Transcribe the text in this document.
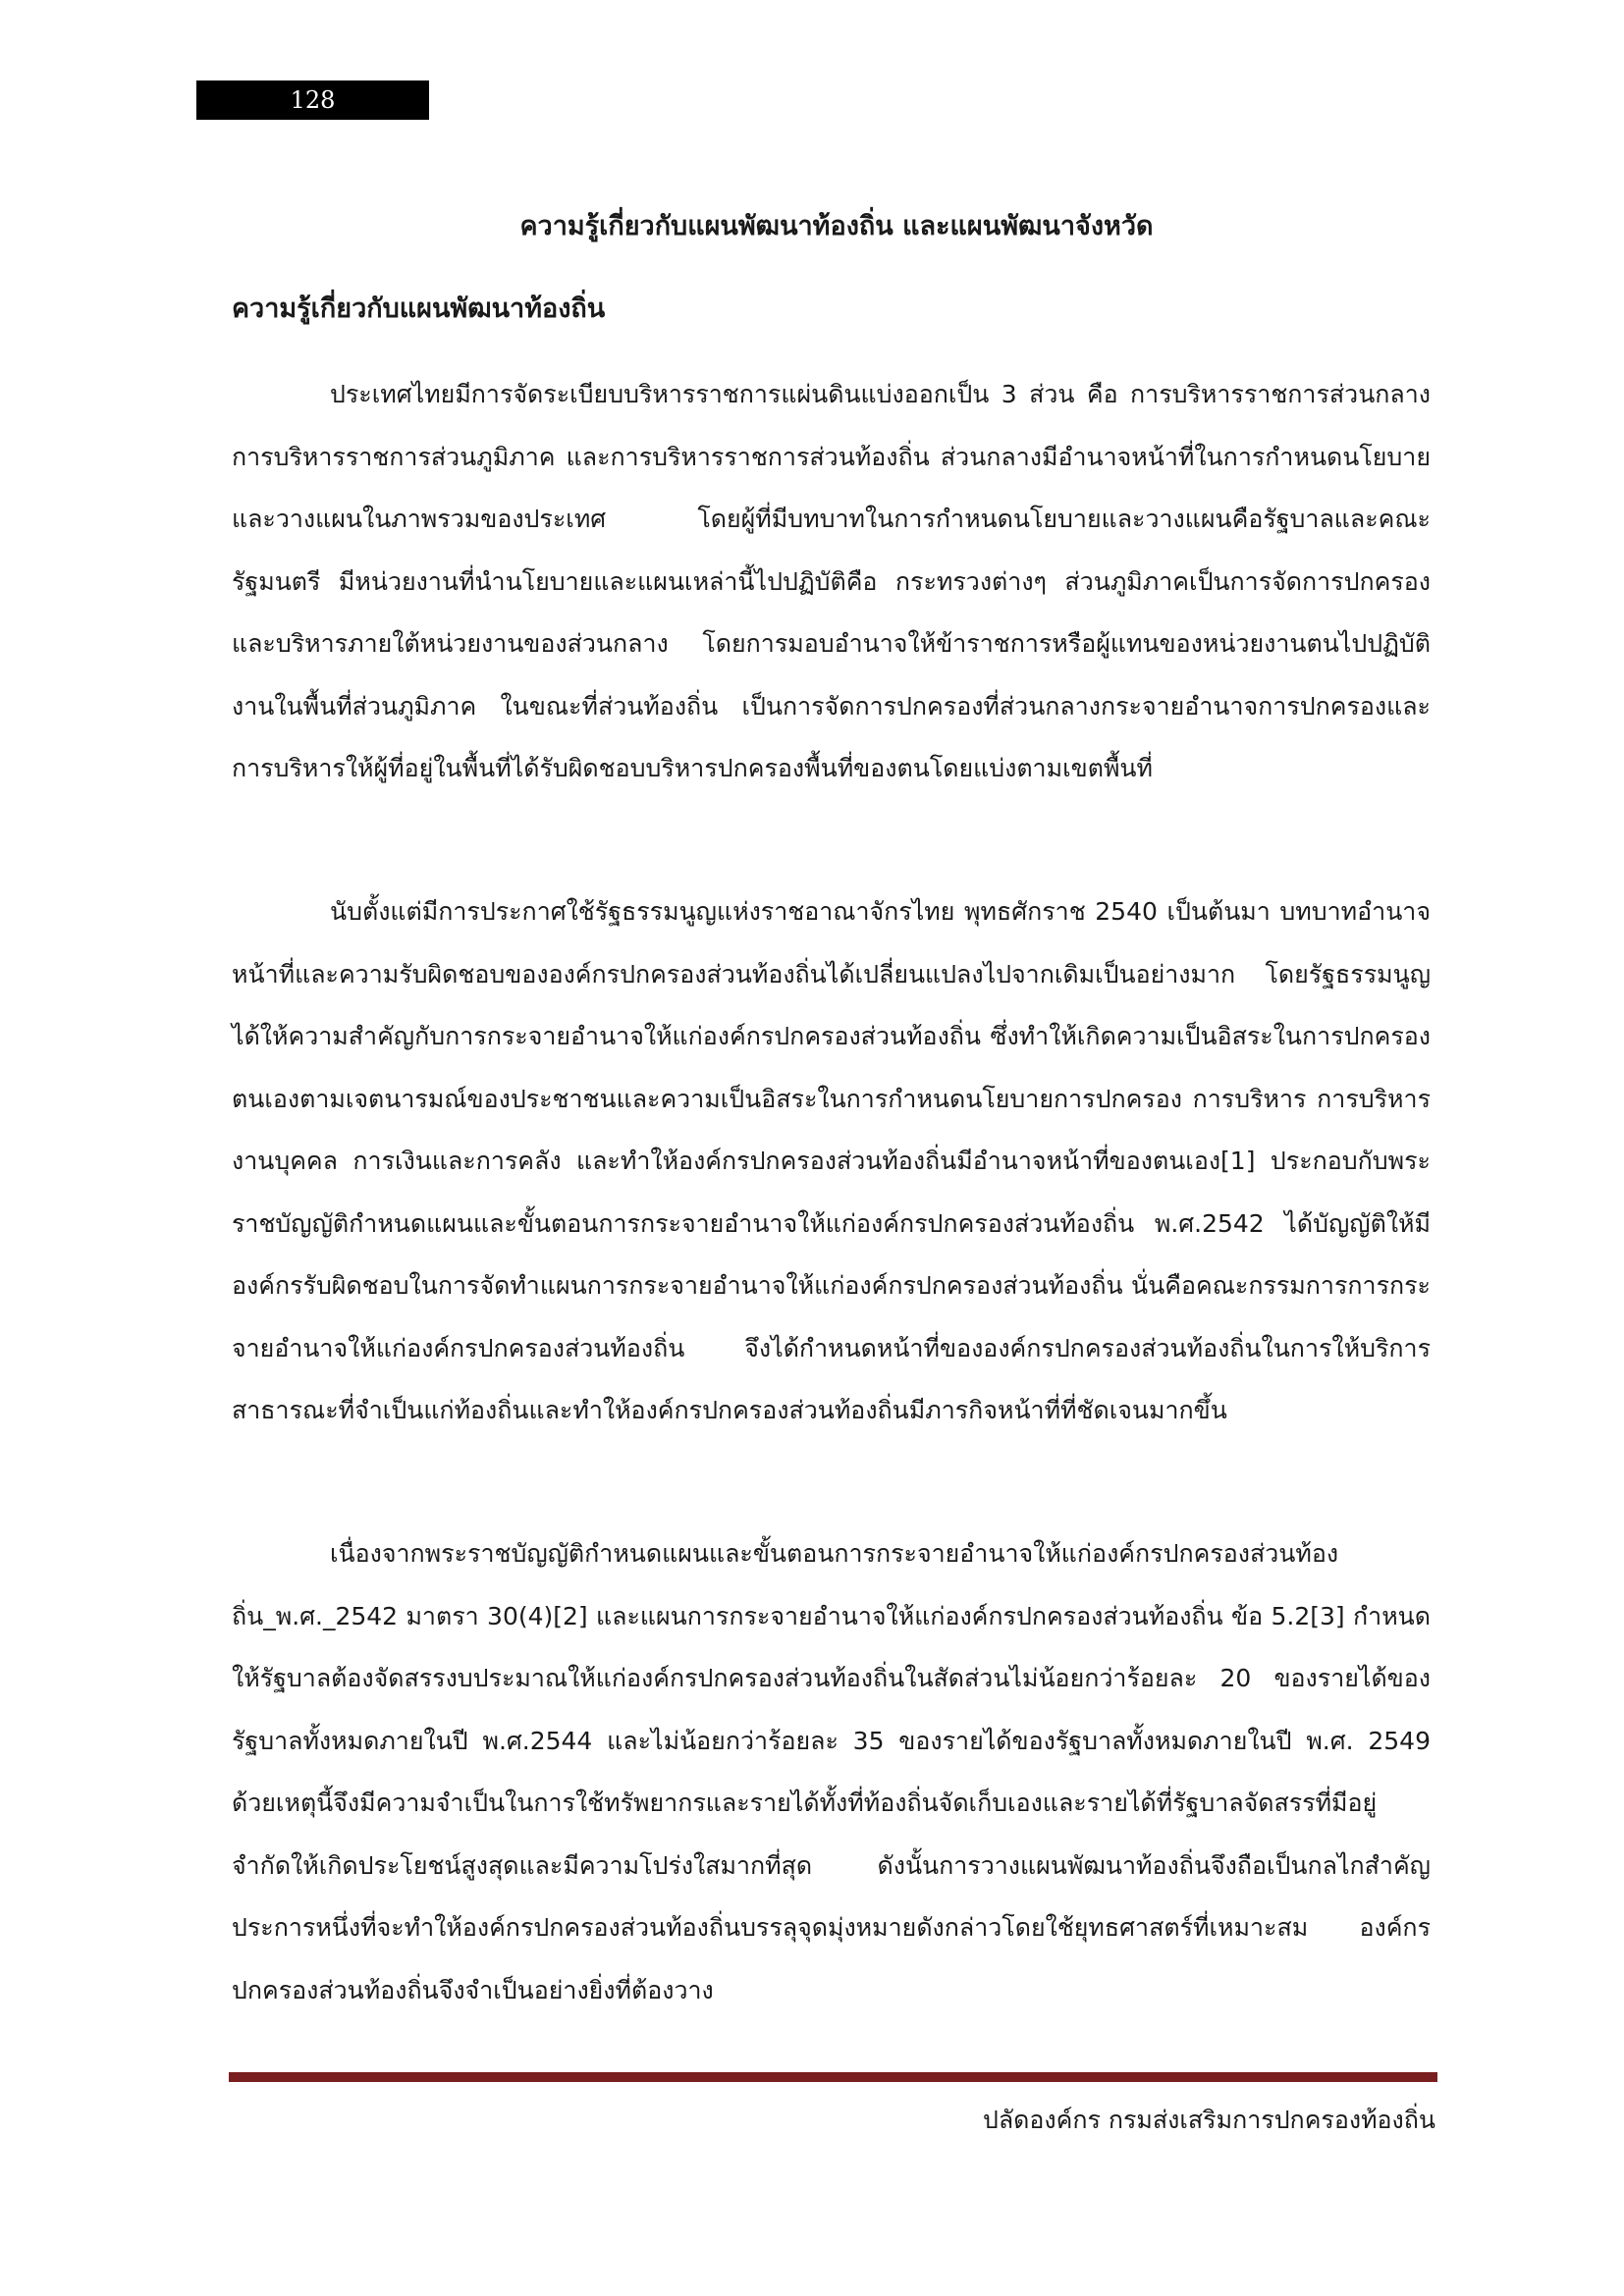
128
ความรู้เกี่ยวกับแผนพัฒนาท้องถิ่น และแผนพัฒนาจังหวัด
ความรู้เกี่ยวกับแผนพัฒนาท้องถิ่น

ประเทศไทยมีการจัดระเบียบบริหารราชการแผ่นดินแบ่งออกเป็น 3 ส่วน คือ การบริหารราชการส่วนกลาง การบริหารราชการส่วนภูมิภาค และการบริหารราชการส่วนท้องถิ่น ส่วนกลางมีอำนาจหน้าที่ในการกำหนดนโยบายและวางแผนในภาพรวมของประเทศ โดยผู้ที่มีบทบาทในการกำหนดนโยบายและวางแผนคือรัฐบาลและคณะรัฐมนตรี มีหน่วยงานที่นำนโยบายและแผนเหล่านี้ไปปฏิบัติคือ กระทรวงต่างๆ ส่วนภูมิภาคเป็นการจัดการปกครองและบริหารภายใต้หน่วยงานของส่วนกลาง โดยการมอบอำนาจให้ข้าราชการหรือผู้แทนของหน่วยงานตนไปปฏิบัติงานในพื้นที่ส่วนภูมิภาค ในขณะที่ส่วนท้องถิ่น เป็นการจัดการปกครองที่ส่วนกลางกระจายอำนาจการปกครองและการบริหารให้ผู้ที่อยู่ในพื้นที่ได้รับผิดชอบบริหารปกครองพื้นที่ของตนโดยแบ่งตามเขตพื้นที่

นับตั้งแต่มีการประกาศใช้รัฐธรรมนูญแห่งราชอาณาจักรไทย พุทธศักราช 2540 เป็นต้นมา บทบาทอำนาจหน้าที่และความรับผิดชอบขององค์กรปกครองส่วนท้องถิ่นได้เปลี่ยนแปลงไปจากเดิมเป็นอย่างมาก โดยรัฐธรรมนูญได้ให้ความสำคัญกับการกระจายอำนาจให้แก่องค์กรปกครองส่วนท้องถิ่น ซึ่งทำให้เกิดความเป็นอิสระในการปกครองตนเองตามเจตนารมณ์ของประชาชนและความเป็นอิสระในการกำหนดนโยบายการปกครอง การบริหาร การบริหารงานบุคคล การเงินและการคลัง และทำให้องค์กรปกครองส่วนท้องถิ่นมีอำนาจหน้าที่ของตนเอง[1] ประกอบกับพระราชบัญญัติกำหนดแผนและขั้นตอนการกระจายอำนาจให้แก่องค์กรปกครองส่วนท้องถิ่น พ.ศ.2542 ได้บัญญัติให้มีองค์กรรับผิดชอบในการจัดทำแผนการกระจายอำนาจให้แก่องค์กรปกครองส่วนท้องถิ่น นั่นคือคณะกรรมการการกระจายอำนาจให้แก่องค์กรปกครองส่วนท้องถิ่น จึงได้กำหนดหน้าที่ขององค์กรปกครองส่วนท้องถิ่นในการให้บริการสาธารณะที่จำเป็นแก่ท้องถิ่นและทำให้องค์กรปกครองส่วนท้องถิ่นมีภารกิจหน้าที่ที่ชัดเจนมากขึ้น

เนื่องจากพระราชบัญญัติกำหนดแผนและขั้นตอนการกระจายอำนาจให้แก่องค์กรปกครองส่วนท้องถิ่น_พ.ศ._2542 มาตรา 30(4)[2] และแผนการกระจายอำนาจให้แก่องค์กรปกครองส่วนท้องถิ่น ข้อ 5.2[3] กำหนดให้รัฐบาลต้องจัดสรรงบประมาณให้แก่องค์กรปกครองส่วนท้องถิ่นในสัดส่วนไม่น้อยกว่าร้อยละ 20 ของรายได้ของรัฐบาลทั้งหมดภายในปี พ.ศ.2544 และไม่น้อยกว่าร้อยละ 35 ของรายได้ของรัฐบาลทั้งหมดภายในปี พ.ศ. 2549 ด้วยเหตุนี้จึงมีความจำเป็นในการใช้ทรัพยากรและรายได้ทั้งที่ท้องถิ่นจัดเก็บเองและรายได้ที่รัฐบาลจัดสรรที่มีอยู่จำกัดให้เกิดประโยชน์สูงสุดและมีความโปร่งใสมากที่สุด ดังนั้นการวางแผนพัฒนาท้องถิ่นจึงถือเป็นกลไกสำคัญประการหนึ่งที่จะทำให้องค์กรปกครองส่วนท้องถิ่นบรรลุจุดมุ่งหมายดังกล่าวโดยใช้ยุทธศาสตร์ที่เหมาะสม องค์กรปกครองส่วนท้องถิ่นจึงจำเป็นอย่างยิ่งที่ต้องวาง

ปลัดองค์กร กรมส่งเสริมการปกครองท้องถิ่น
